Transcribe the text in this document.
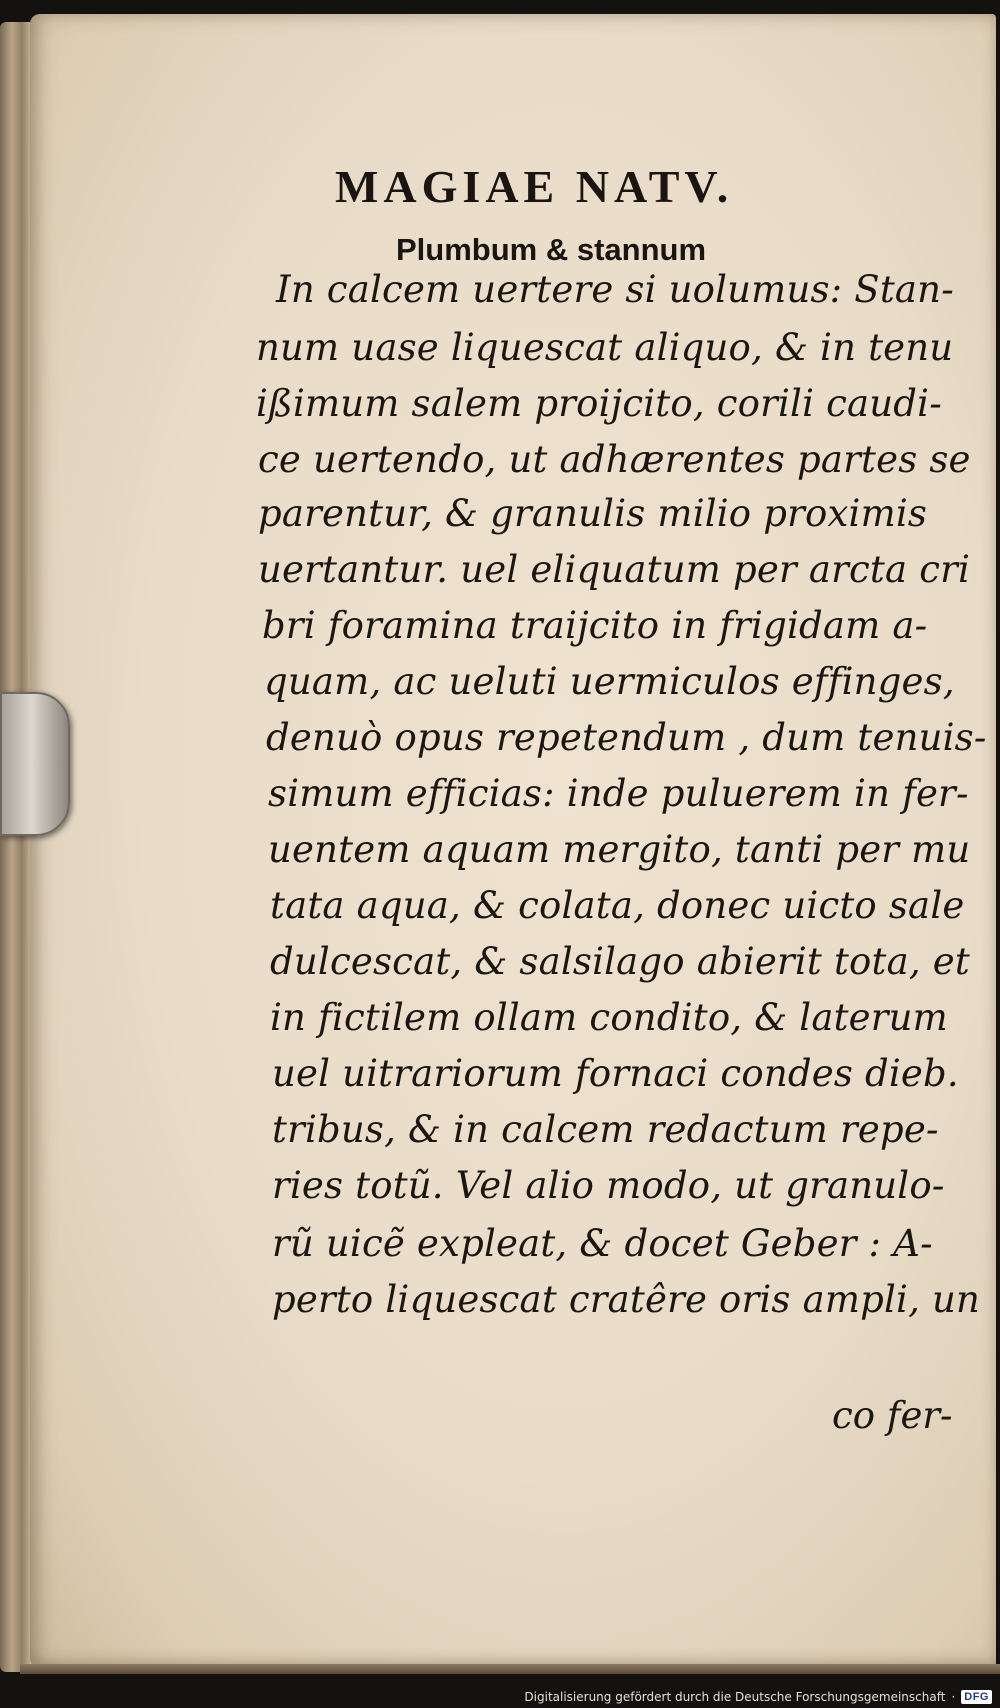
MAGIAE NATV.
Plumbum & stannum
In calcem uertere si uolumus: Stan-
num uase liquescat aliquo, & in tenu
ißimum salem proijcito, corili caudi-
ce uertendo, ut adhærentes partes se
parentur, & granulis milio proximis
uertantur. uel eliquatum per arcta cri
bri foramina traijcito in frigidam a-
quam, ac ueluti uermiculos effinges,
denuò opus repetendum , dum tenuis-
simum efficias: inde puluerem in fer-
uentem aquam mergito, tanti per mu
tata aqua, & colata, donec uicto sale
dulcescat, & salsilago abierit tota, et
in fictilem ollam condito, & laterum
uel uitrariorum fornaci condes dieb.
tribus, & in calcem redactum repe-
ries totũ. Vel alio modo, ut granulo-
rũ uicẽ expleat, & docet Geber : A-
perto liquescat cratêre oris ampli, un
co fer-
Digitalisierung gefördert durch die Deutsche Forschungsgemeinschaft · DFG
